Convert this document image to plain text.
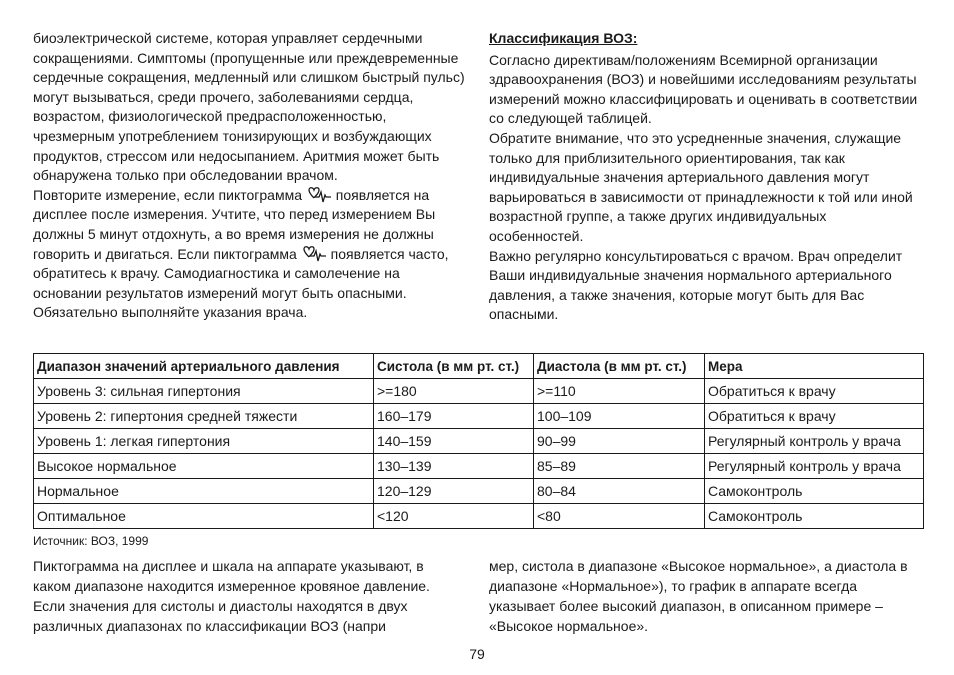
биоэлектрической системе, которая управляет сердечными сокращениями. Симптомы (пропущенные или преждевременные сердечные сокращения, медленный или слишком быстрый пульс) могут вызываться, среди прочего, заболеваниями сердца, возрастом, физиологической предрасположенностью, чрезмерным употреблением тонизирующих и возбуждающих продуктов, стрессом или недосыпанием. Аритмия может быть обнаружена только при обследовании врачом.

Повторите измерение, если пиктограмма появляется на дисплее после измерения. Учтите, что перед измерением Вы должны 5 минут отдохнуть, а во время измерения не должны говорить и двигаться. Если пиктограмма появляется часто, обратитесь к врачу. Самодиагностика и самолечение на основании результатов измерений могут быть опасными. Обязательно выполняйте указания врача.

Классификация ВОЗ:

Согласно директивам/положениям Всемирной организации здравоохранения (ВОЗ) и новейшими исследованиям результаты измерений можно классифицировать и оценивать в соответствии со следующей таблицей.

Обратите внимание, что это усредненные значения, служащие только для приблизительного ориентирования, так как индивидуальные значения артериального давления могут варьироваться в зависимости от принадлежности к той или иной возрастной группе, а также других индивидуальных особенностей.

Важно регулярно консультироваться с врачом. Врач определит Ваши индивидуальные значения нормального артериального давления, а также значения, которые могут быть для Вас опасными.

Диапазон значений артериального давления	Систола (в мм рт. ст.)	Диастола (в мм рт. ст.)	Мера
Уровень 3: сильная гипертония	>=180	>=110	Обратиться к врачу
Уровень 2: гипертония средней тяжести	160–179	100–109	Обратиться к врачу
Уровень 1: легкая гипертония	140–159	90–99	Регулярный контроль у врача
Высокое нормальное	130–139	85–89	Регулярный контроль у врача
Нормальное	120–129	80–84	Самоконтроль
Оптимальное	<120	<80	Самоконтроль
Источник: ВОЗ, 1999

Пиктограмма на дисплее и шкала на аппарате указывают, в каком диапазоне находится измеренное кровяное давление. Если значения для систолы и диастолы находятся в двух различных диапазонах по классификации ВОЗ (напри

мер, систола в диапазоне «Высокое нормальное», а диастола в диапазоне «Нормальное»), то график в аппарате всегда указывает более высокий диапазон, в описанном примере – «Высокое нормальное».

79
